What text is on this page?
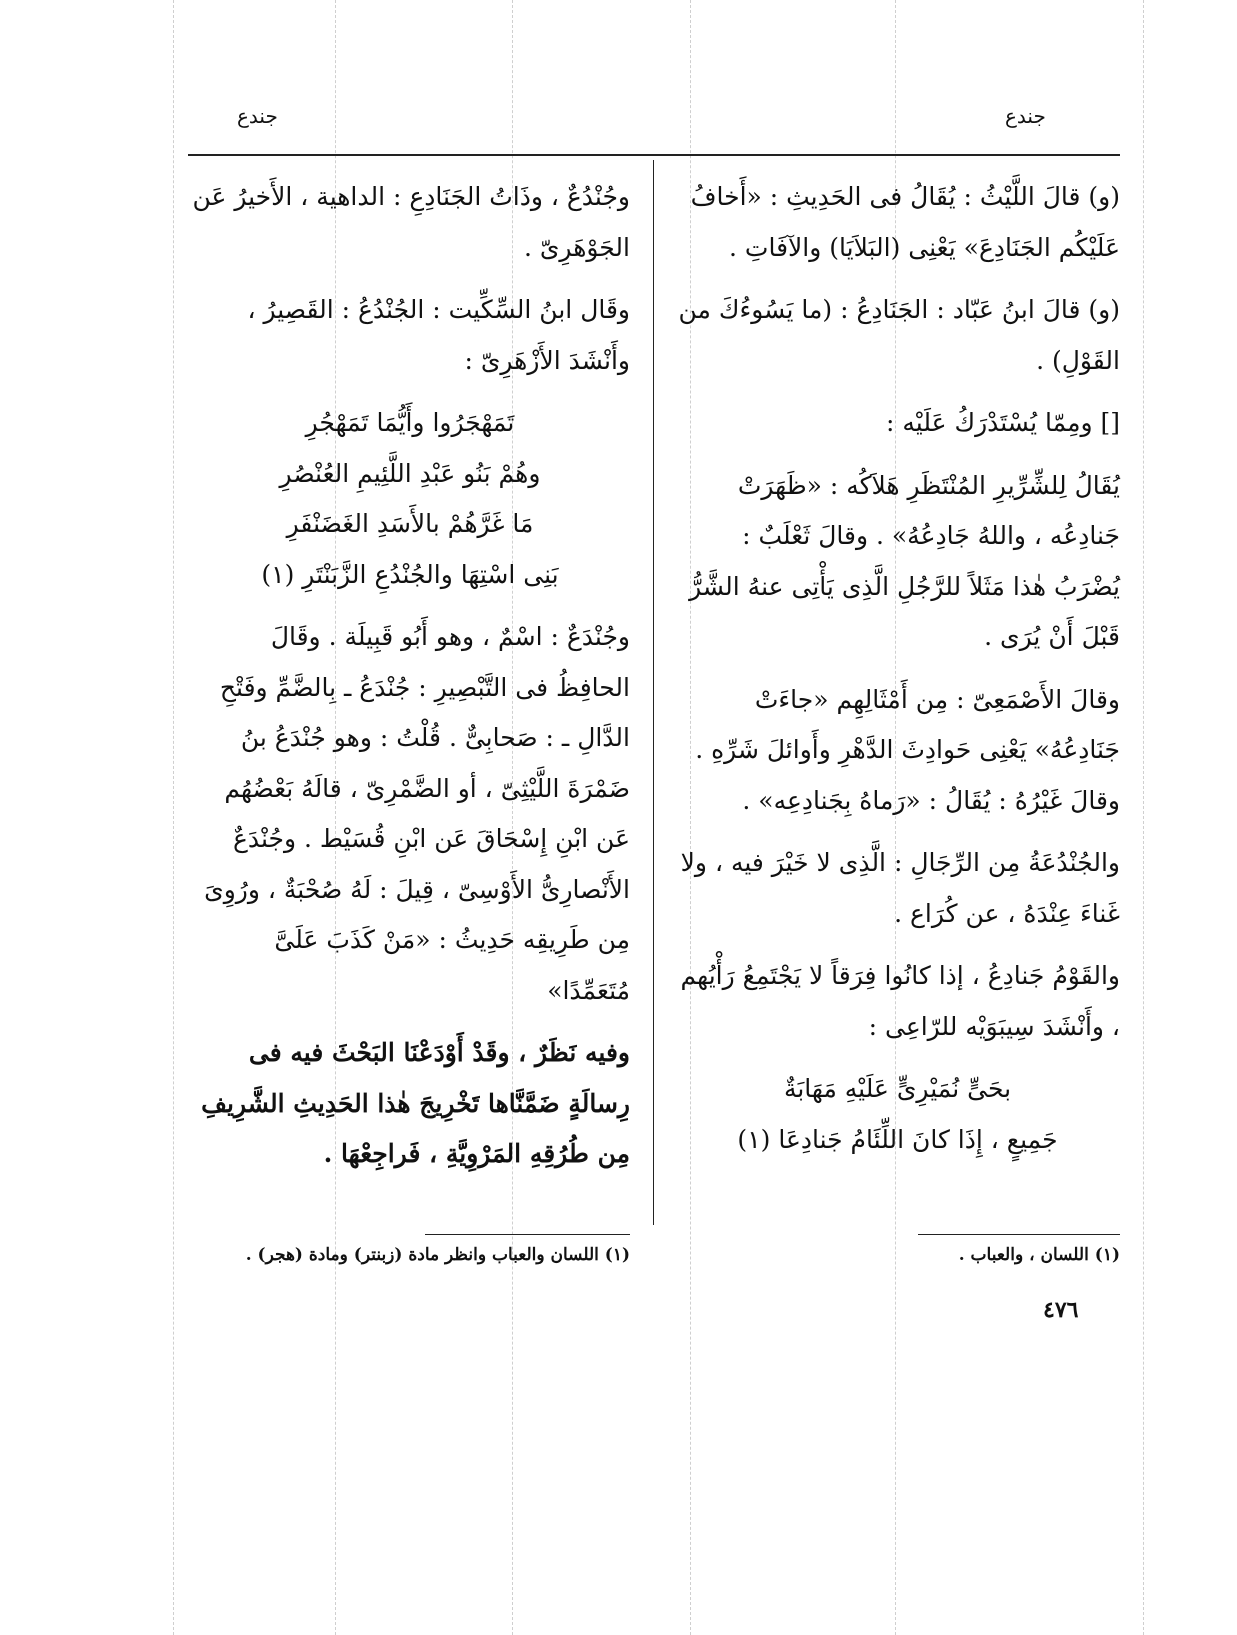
جندع
جندع

(و) قالَ اللَّيْثُ : يُقَالُ فى الحَدِيثِ : «أَخافُ عَلَيْكُم الجَنَادِعَ» يَعْنِى (البَلاَيَا) والآفَاتِ .

(و) قالَ ابنُ عَبّاد : الجَنَادِعُ : (ما يَسُوءُكَ من القَوْلِ) .

[] ومِمّا يُسْتَدْرَكُ عَلَيْه :

يُقَالُ لِلشِّرِّيرِ المُنْتَظَرِ هَلاَكُه : «ظَهَرَتْ جَنادِعُه ، واللهُ جَادِعُهُ» . وقالَ ثَعْلَبٌ : يُضْرَبُ هٰذا مَثَلاً للرَّجُلِ الَّذِى يَأْتِى عنهُ الشَّرُّ قَبْلَ أَنْ يُرَى .

وقالَ الأَصْمَعِىّ : مِن أَمْثَالِهِم «جاءَتْ جَنَادِعُهُ» يَعْنِى حَوادِثَ الدَّهْرِ وأَوائلَ شَرِّهِ . وقالَ غَيْرُهُ : يُقَالُ : «رَماهُ بِجَنادِعِه» .

والجُنْدُعَةُ مِن الرِّجَالِ : الَّذِى لا خَيْرَ فيه ، ولا غَناءَ عِنْدَهُ ، عن كُرَاع .

والقَوْمُ جَنادِعُ ، إذا كانُوا فِرَقاً لا يَجْتَمِعُ رَأْيُهم ، وأَنْشَدَ سِيبَوَيْه للرّاعِى :

بحَىٍّ نُمَيْرِىٍّ عَلَيْهِ مَهَابَةٌ

جَمِيعٍ ، إِذَا كانَ اللِّئَامُ جَنادِعَا (١)

(١) اللسان ، والعباب .
٤٧٦

وجُنْدُعٌ ، وذَاتُ الجَنَادِعِ : الداهية ، الأَخيرُ عَن الجَوْهَرِىّ .

وقَال ابنُ السِّكِّيت : الجُنْدُعُ : القَصِيرُ ، وأَنْشَدَ الأَزْهَرِىّ :

تَمَهْجَرُوا وأَيُّمَا تَمَهْجُرِ

وهُمْ بَنُو عَبْدِ اللَّئِيمِ العُنْصُرِ

مَا غَرَّهُمْ بالأَسَدِ الغَضَنْفَرِ

بَنِى اسْتِهَا والجُنْدُعِ الزَّبَنْتَرِ (١)

وجُنْدَعٌ : اسْمٌ ، وهو أَبُو قَبِيلَة . وقَالَ الحافِظُ فى التَّبْصِيرِ : جُنْدَعُ ـ بِالضَّمِّ وفَتْحِ الدَّالِ ـ : صَحابِىٌّ . قُلْتُ : وهو جُنْدَعُ بنُ ضَمْرَةَ اللَّيْثِىّ ، أو الضَّمْرِىّ ، قالَهُ بَعْضُهُم عَن ابْنِ إِسْحَاقَ عَن ابْنِ قُسَيْط . وجُنْدَعٌ الأَنْصارِىُّ الأَوْسِىّ ، قِيلَ : لَهُ صُحْبَةٌ ، ورُوِىَ مِن طَرِيقِه حَدِيثُ : «مَنْ كَذَبَ عَلَىَّ مُتَعَمِّدًا»

وفيه نَظَرٌ ، وقَدْ أَوْدَعْنَا البَحْثَ فيه فى رِسالَةٍ ضَمَّنَّاها تَخْرِيجَ هٰذا الحَدِيثِ الشَّرِيفِ مِن طُرُقِهِ المَرْوِيَّةِ ، فَراجِعْهَا .

(١) اللسان والعباب وانظر مادة (زبنتر) ومادة (هجر) .
